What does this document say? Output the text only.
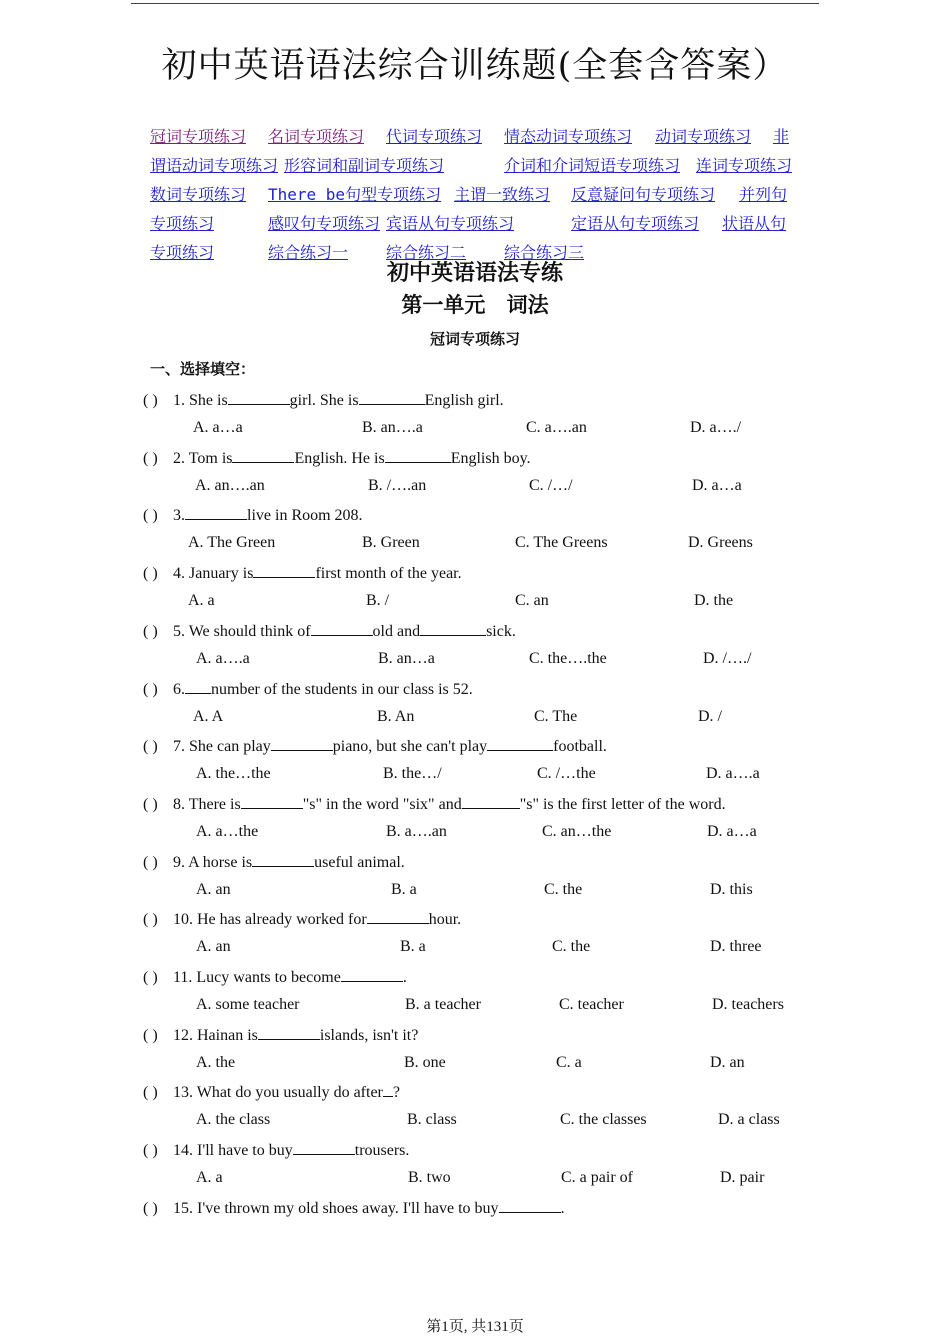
初中英语语法综合训练题(全套含答案）
冠词专项练习 名词专项练习 代词专项练习 情态动词专项练习 动词专项练习 非
谓语动词专项练习 形容词和副词专项练习	介词和介词短语专项练习 连词专项练习
数词专项练习 There be句型专项练习 主谓一致练习 反意疑问句专项练习 并列句
专项练习	感叹句专项练习 宾语从句专项练习	定语从句专项练习 状语从句
专项练习	综合练习一 综合练习二 综合练习三
初中英语语法专练
第一单元 词法
冠词专项练习
一、选择填空：
( ) 1. She is	girl. She is	English girl.
A. a…a	B. an….a	C. a….an	D. a…./
( ) 2. Tom is	English. He is	English boy.
A. an….an	B. /….an	C. /…/	D. a…a
( ) 3.	live in Room 208.
A. The Green	B. Green	C. The Greens	D. Greens
( ) 4. January is	first month of the year.
A. a	B. /	C. an	D. the
( ) 5. We should think of	old and	sick.
A. a….a	B. an…a	C. the….the	D. /…./
( ) 6. number of the students in our class is 52.
A. A	B. An	C. The	D. /
( ) 7. She can play	piano, but she can't play	football.
A. the…the	B. the…/	C. /…the	D. a….a
( ) 8. There is	"s" in the word "six" and	"s" is the first letter of the word.
A. a…the	B. a….an	C. an…the	D. a…a
( ) 9. A horse is	useful animal.
A. an	B. a	C. the	D. this
( ) 10. He has already worked for	hour.
A. an	B. a	C. the	D. three
( ) 11. Lucy wants to become	.
A. some teacher	B. a teacher	C. teacher	D. teachers
( ) 12. Hainan is	islands, isn't it?
A. the	B. one	C. a	D. an
( ) 13. What do you usually do after ?
A. the class	B. class	C. the classes	D. a class
( ) 14. I'll have to buy	trousers.
A. a	B. two	C. a pair of	D. pair
( ) 15. I've thrown my old shoes away. I'll have to buy	.
第1页, 共131页
